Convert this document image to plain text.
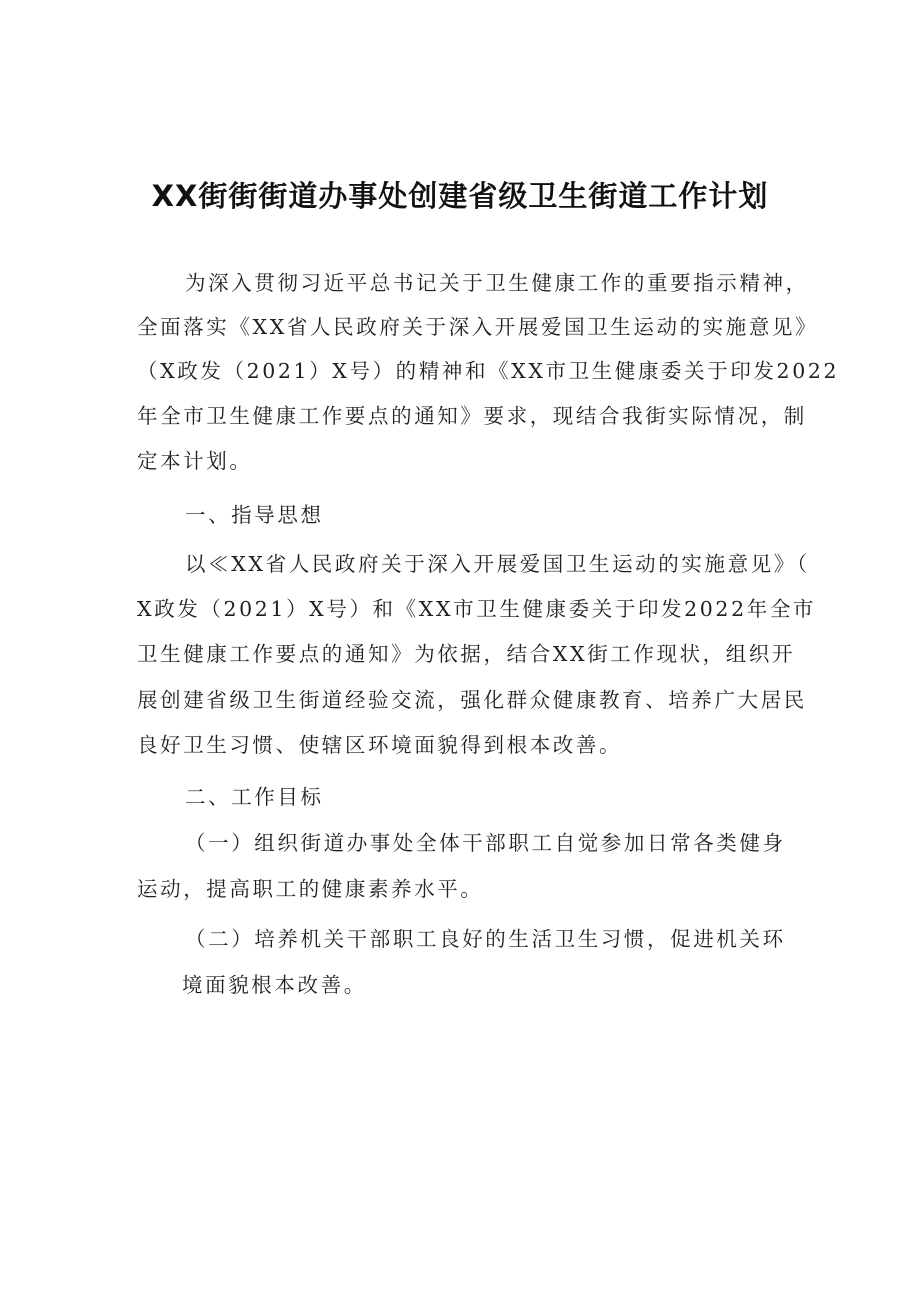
XX街街街道办事处创建省级卫生街道工作计划
为深入贯彻习近平总书记关于卫生健康工作的重要指示精神，
全面落实《XX省人民政府关于深入开展爱国卫生运动的实施意见》
（X政发（2021）X号）的精神和《XX市卫生健康委关于印发2022
年全市卫生健康工作要点的通知》要求，现结合我街实际情况，制
定本计划。
一、指导思想
以≪XX省人民政府关于深入开展爱国卫生运动的实施意见》（
X政发（2021）X号）和《XX市卫生健康委关于印发2022年全市
卫生健康工作要点的通知》为依据，结合XX街工作现状，组织开
展创建省级卫生街道经验交流，强化群众健康教育、培养广大居民
良好卫生习惯、使辖区环境面貌得到根本改善。
二、工作目标
（一）组织街道办事处全体干部职工自觉参加日常各类健身
运动，提高职工的健康素养水平。
（二）培养机关干部职工良好的生活卫生习惯，促进机关环
境面貌根本改善。
